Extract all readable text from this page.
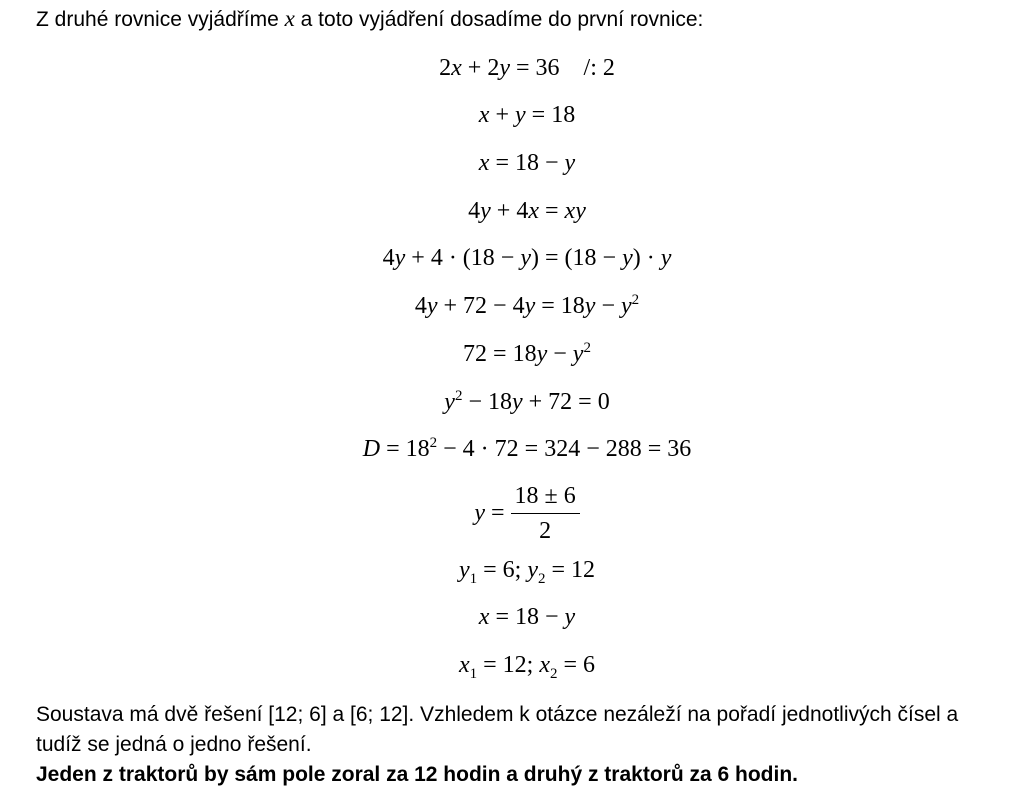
Z druhé rovnice vyjádříme x a toto vyjádření dosadíme do první rovnice:
2x + 2y = 36    /: 2
x + y = 18
x = 18 − y
4y + 4x = xy
4y + 4 · (18 − y) = (18 − y) · y
$4y + 72 - 4y = 18y - y^2$
$72 = 18y - y^2$
$y^2 - 18y + 72 = 0$
$D = 18^2 - 4 \cdot 72 = 324 - 288 = 36$
$y = \frac{18 \pm 6}{2}$
$y_1 = 6$; $y_2 = 12$
x = 18 − y
$x_1 = 12$; $x_2 = 6$
Soustava má dvě řešení [12; 6] a [6; 12]. Vzhledem k otázce nezáleží na pořadí jednotlivých čísel a
tudíž se jedná o jedno řešení.
Jeden z traktorů by sám pole zoral za 12 hodin a druhý z traktorů za 6 hodin.
